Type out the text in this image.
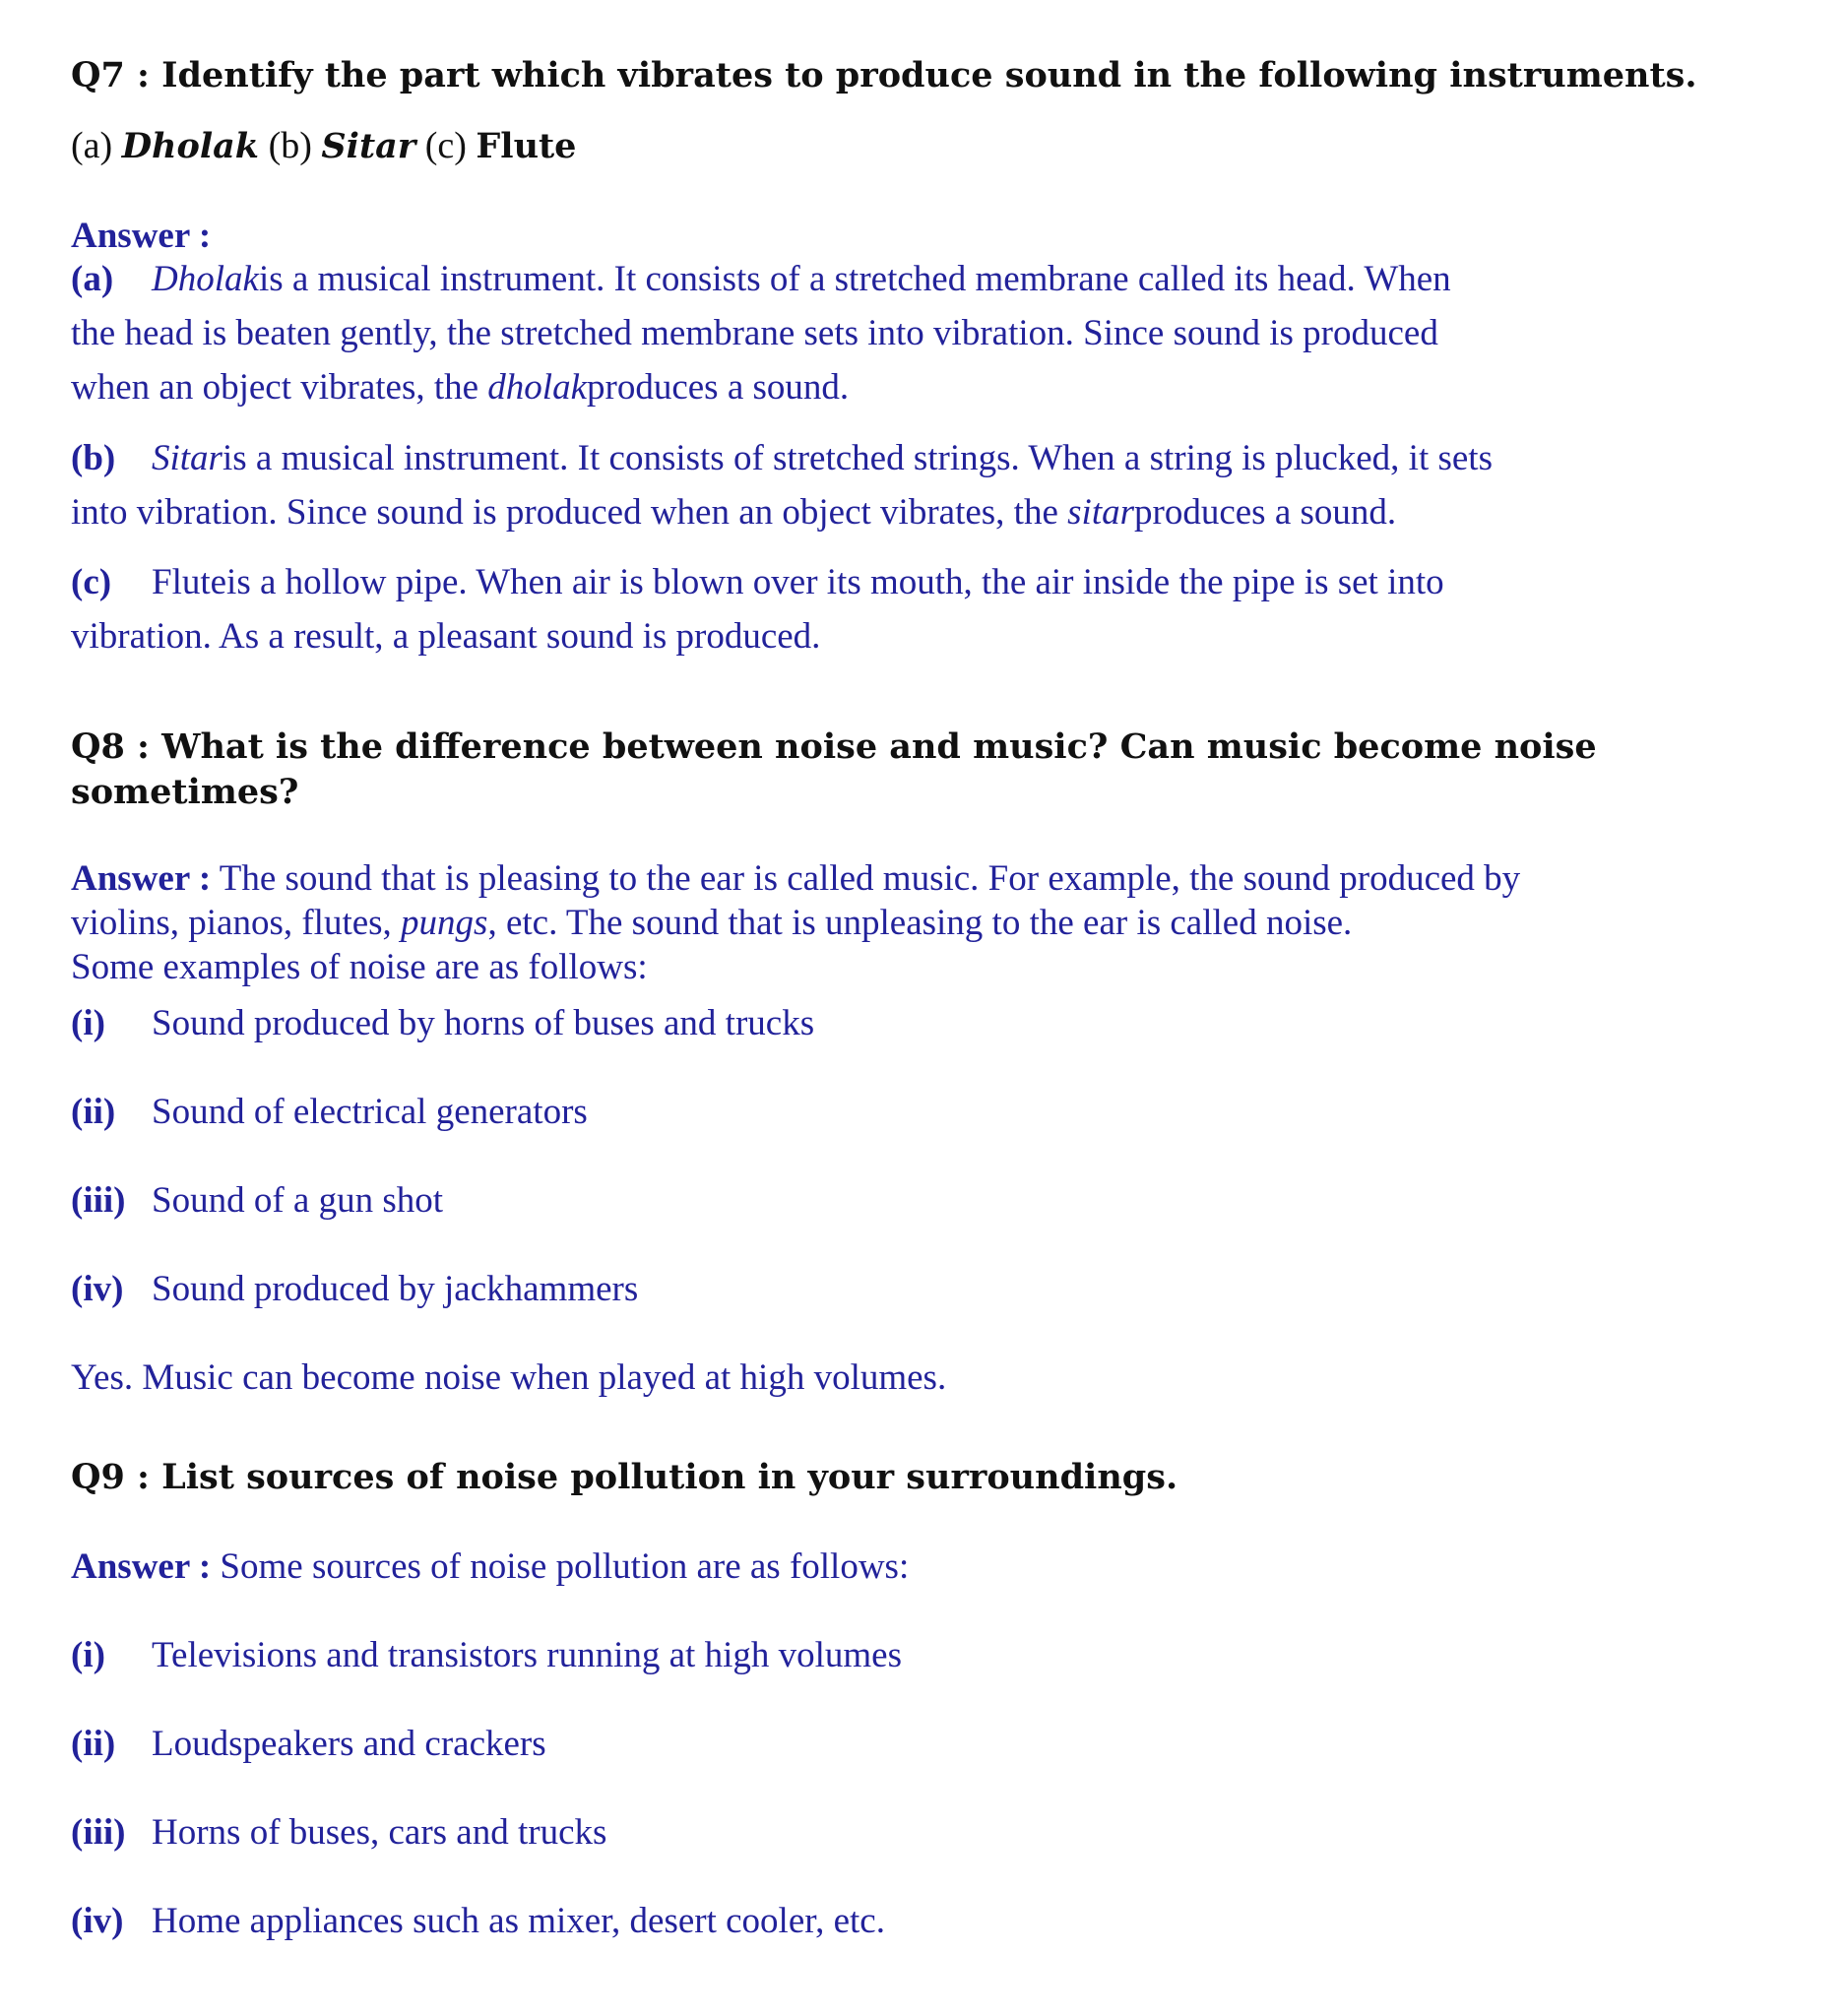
Q7 : Identify the part which vibrates to produce sound in the following instruments.
(a) Dholak (b) Sitar (c) Flute
Answer :
(a) Dholakis a musical instrument. It consists of a stretched membrane called its head. When
the head is beaten gently, the stretched membrane sets into vibration. Since sound is produced
when an object vibrates, the dholakproduces a sound.
(b) Sitaris a musical instrument. It consists of stretched strings. When a string is plucked, it sets
into vibration. Since sound is produced when an object vibrates, the sitarproduces a sound.
(c) Fluteis a hollow pipe. When air is blown over its mouth, the air inside the pipe is set into
vibration. As a result, a pleasant sound is produced.
Q8 : What is the difference between noise and music? Can music become noise sometimes?
Answer : The sound that is pleasing to the ear is called music. For example, the sound produced by
violins, pianos, flutes, pungs, etc. The sound that is unpleasing to the ear is called noise.
Some examples of noise are as follows:
(i) Sound produced by horns of buses and trucks
(ii) Sound of electrical generators
(iii) Sound of a gun shot
(iv) Sound produced by jackhammers
Yes. Music can become noise when played at high volumes.
Q9 : List sources of noise pollution in your surroundings.
Answer : Some sources of noise pollution are as follows:
(i) Televisions and transistors running at high volumes
(ii) Loudspeakers and crackers
(iii) Horns of buses, cars and trucks
(iv) Home appliances such as mixer, desert cooler, etc.
